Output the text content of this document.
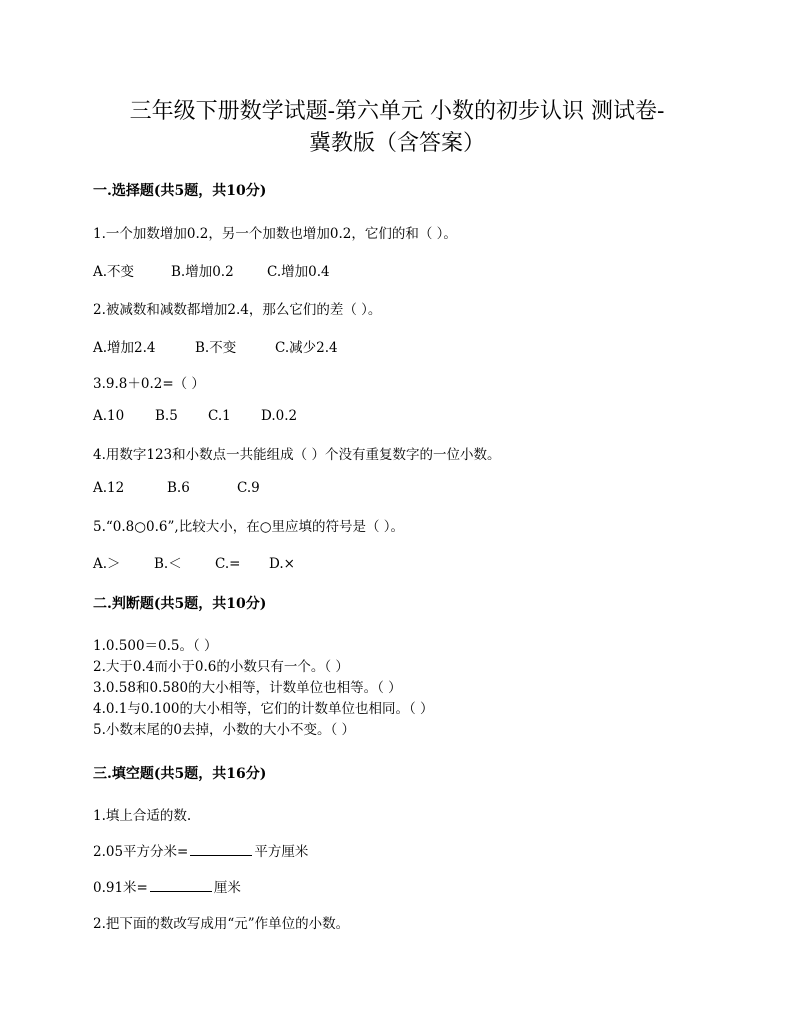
三年级下册数学试题-第六单元 小数的初步认识 测试卷-
冀教版（含答案）
一.选择题(共5题，共10分)
1.一个加数增加0.2，另一个加数也增加0.2，它们的和（ ）。
A.不变	B.增加0.2 C.增加0.4
2.被减数和减数都增加2.4，那么它们的差（ ）。
A.增加2.4	B.不变	C.减少2.4
3.9.8＋0.2=（ ）
A.10 B.5 C.1 D.0.2
4.用数字123和小数点一共能组成（ ）个没有重复数字的一位小数。
A.12	B.6	C.9
5.“0.8○0.6”,比较大小，在○里应填的符号是（ ）。
A.＞ B.＜ C.= D.×
二.判断题(共5题，共10分)
1.0.500＝0.5。（ ）
2.大于0.4而小于0.6的小数只有一个。（ ）
3.0.58和0.580的大小相等，计数单位也相等。（ ）
4.0.1与0.100的大小相等，它们的计数单位也相同。（ ）
5.小数末尾的0去掉，小数的大小不变。（ ）
三.填空题(共5题，共16分)
1.填上合适的数.
2.05平方分米=	平方厘米
0.91米=	厘米
2.把下面的数改写成用“元”作单位的小数。
